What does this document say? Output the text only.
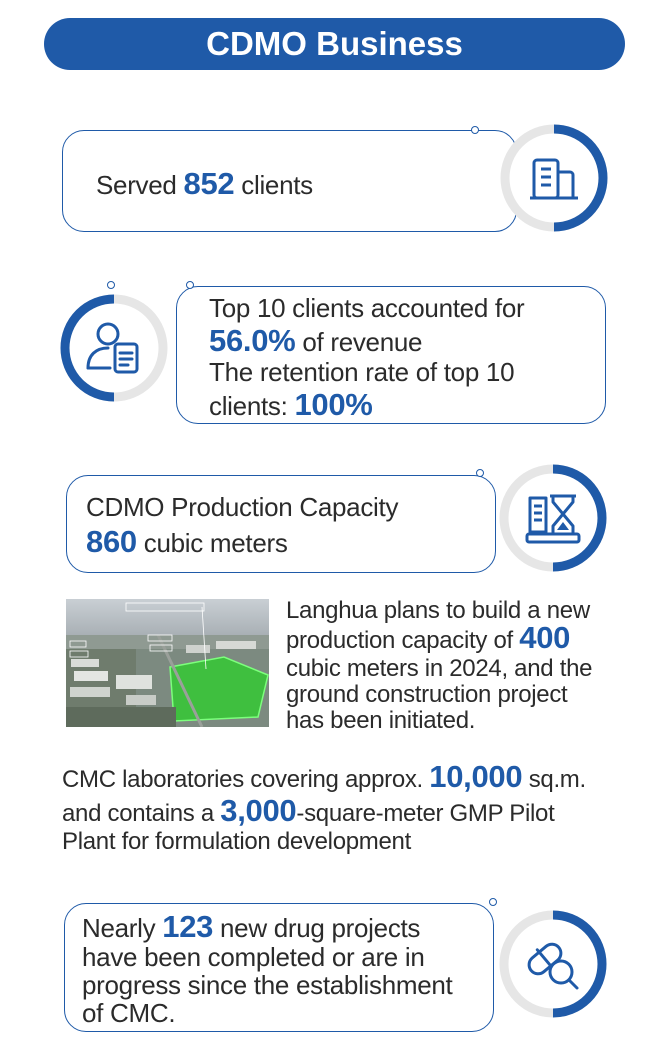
CDMO Business
Served 852 clients
Top 10 clients accounted for
56.0% of revenue
The retention rate of top 10
clients: 100%
CDMO Production Capacity
860 cubic meters
Langhua plans to build a new
production capacity of 400
cubic meters in 2024, and the
ground construction project
has been initiated.
CMC laboratories covering approx. 10,000 sq.m.
and contains a 3,000-square-meter GMP Pilot
Plant for formulation development
Nearly 123 new drug projects
have been completed or are in
progress since the establishment
of CMC.
